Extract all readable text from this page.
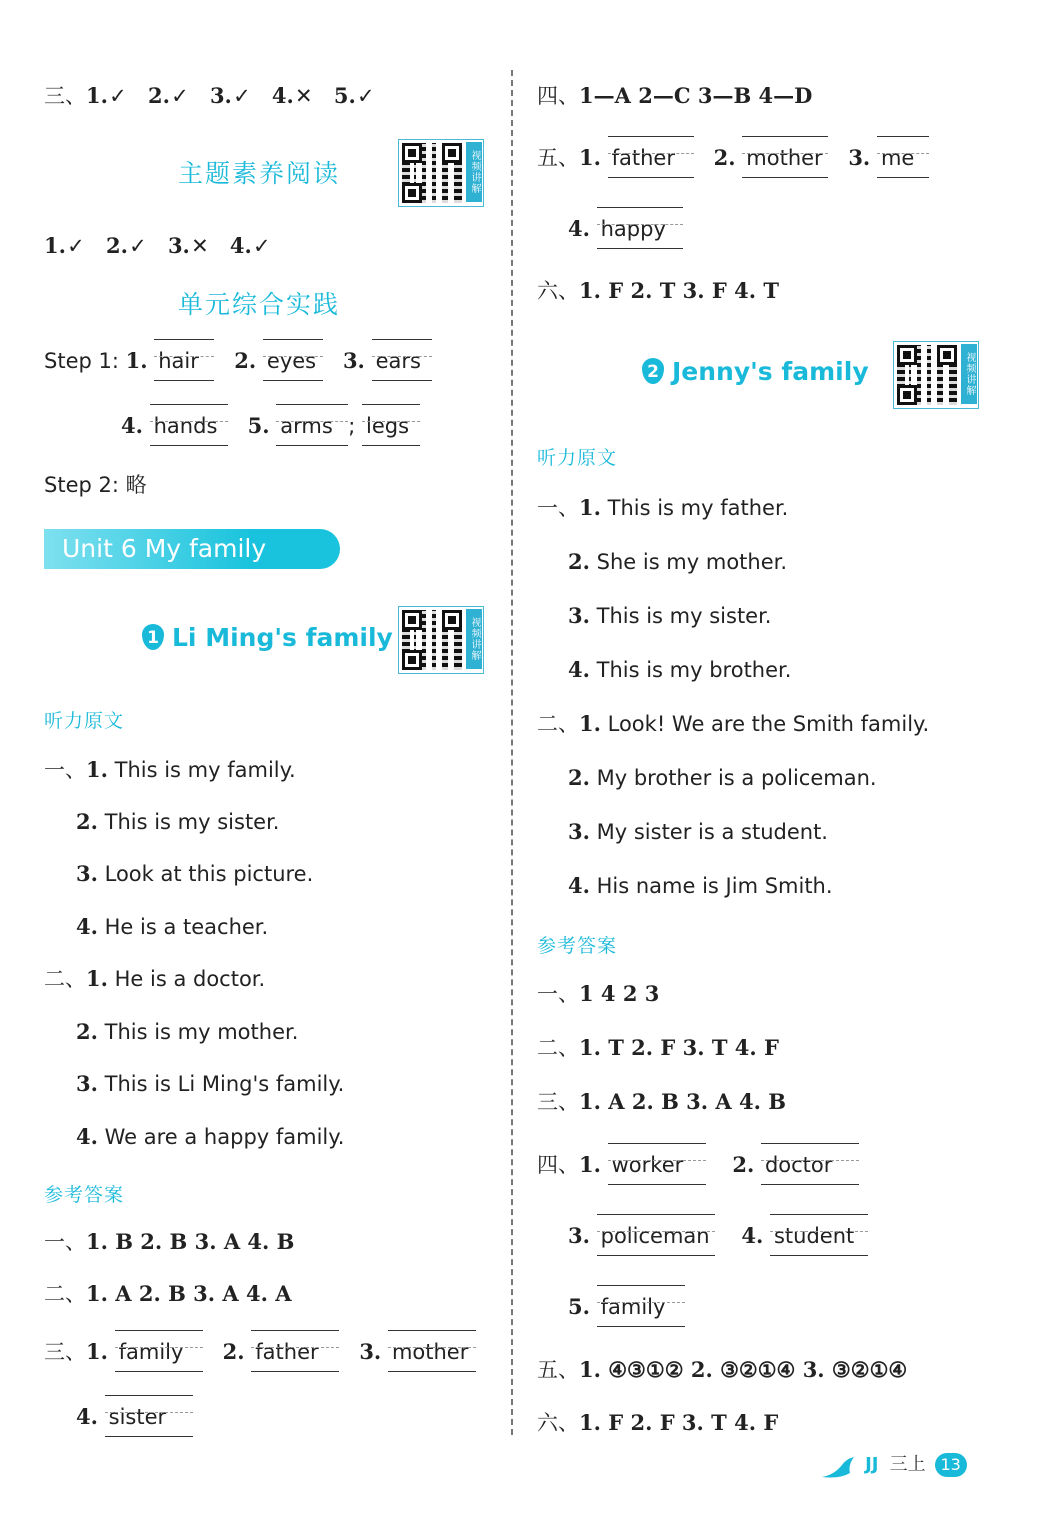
三、1.✓ 2.✓ 3.✓ 4.✕ 5.✓
主题素养阅读	视频讲解
1.✓ 2.✓ 3.✕ 4.✓
单元综合实践
Step 1: 1. hair 2. eyes 3. ears
4. hands 5. arms ; legs
Step 2: 略
Unit 6 My family
1 Li Ming's family	视频讲解
听力原文
一、1. This is my family.
2. This is my sister.
3. Look at this picture.
4. He is a teacher.
二、1. He is a doctor.
2. This is my mother.
3. This is Li Ming's family.
4. We are a happy family.
参考答案
一、1. B 2. B 3. A 4. B
二、1. A 2. B 3. A 4. A
三、1. family 2. father 3. mother
4. sister
四、1—A 2—C 3—B 4—D
五、1. father 2. mother 3. me
4. happy
六、1. F 2. T 3. F 4. T
2 Jenny's family	视频讲解
听力原文
一、1. This is my father.
2. She is my mother.
3. This is my sister.
4. This is my brother.
二、1. Look! We are the Smith family.
2. My brother is a policeman.
3. My sister is a student.
4. His name is Jim Smith.
参考答案
一、1 4 2 3
二、1. T 2. F 3. T 4. F
三、1. A 2. B 3. A 4. B
四、1. worker 2. doctor
3. policeman 4. student
5. family
五、1. ④③①② 2. ③②①④ 3. ③②①④
六、1. F 2. F 3. T 4. F
JJ 三上 13
